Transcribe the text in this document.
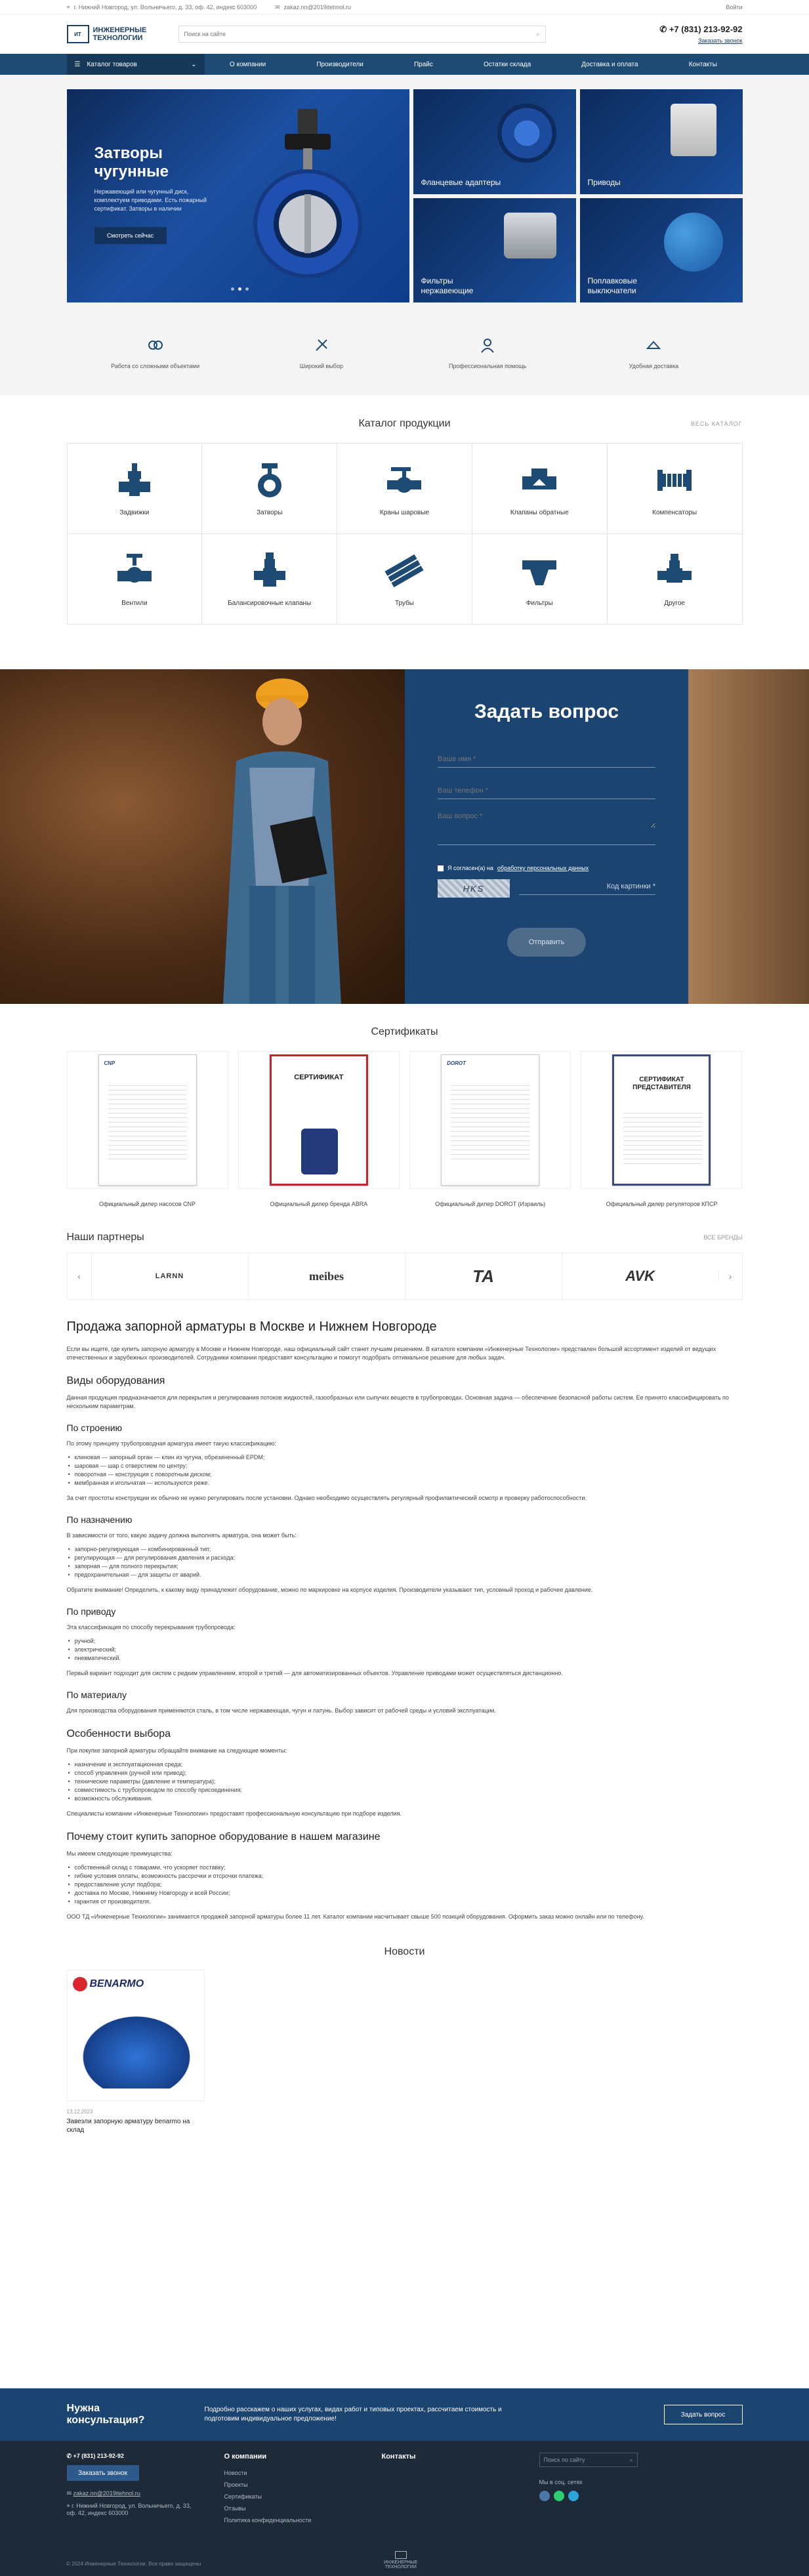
⌖ г. Нижний Новгород, ул. Вольничьего, д. 33, оф. 42, индекс 603000	✉ zakaz.nn@2019itehnol.ru	Войти
ИТ	ИНЖЕНЕРНЫЕ
ТЕХНОЛОГИИ
Поиск на сайте
⌕	✆ +7 (831) 213-92-92
Заказать звонок
☰ Каталог товаров	⌄	О компании	Производители	Прайс	Остатки склада	Доставка и оплата	Контакты
Затворы чугунные

Нержавеющий или чугунный диск, комплектуем приводами. Есть пожарный сертификат. Затворы в наличии

Смотреть сейчас
Фланцевые адаптеры	Приводы
Фильтры нержавеющие
Поплавковые выключатели
Работа со сложными объектами	Широкий выбор	Профессиональная помощь	Удобная доставка
Каталог продукции	ВЕСЬ КАТАЛОГ
Задвижки	Затворы	Краны шаровые	Клапаны обратные	Компенсаторы
Вентили	Балансировочные клапаны	Трубы	Фильтры	Другое
Задать вопрос
Ваше имя *
Ваш телефон *
Ваш вопрос *
Я согласен(а) на обработку персональных данных
HKS	Код картинки *
Отправить
Сертификаты
CNP
Официальный дилер насосов CNP
СЕРТИФИКАТ
Официальный дилер бренда ABRA
DOROT
Официальный дилер DOROT (Израиль)
СЕРТИФИКАТ ПРЕДСТАВИТЕЛЯ
Официальный дилер регуляторов КПСР
Наши партнеры	ВСЕ БРЕНДЫ
‹	LARNN	meibes	TA	AVK	›
Продажа запорной арматуры в Москве и Нижнем Новгороде

Если вы ищете, где купить запорную арматуру в Москве и Нижнем Новгороде, наш официальный сайт станет лучшим решением. В каталоге компании «Инженерные Технологии» представлен большой ассортимент изделий от ведущих отечественных и зарубежных производителей. Сотрудники компании предоставят консультацию и помогут подобрать оптимальное решение для любых задач.

Виды оборудования

Данная продукция предназначается для перекрытия и регулирования потоков жидкостей, газообразных или сыпучих веществ в трубопроводах. Основная задача — обеспечение безопасной работы систем. Ее принято классифицировать по нескольким параметрам.

По строению

По этому принципу трубопроводная арматура имеет такую классификацию:

• клиновая — запорный орган — клин из чугуна, обрезиненный EPDM;
• шаровая — шар с отверстием по центру;
• поворотная — конструкция с поворотным диском;
• мембранная и игольчатая — используются реже.

За счет простоты конструкции их обычно не нужно регулировать после установки. Однако необходимо осуществлять регулярный профилактический осмотр и проверку работоспособности.

По назначению

В зависимости от того, какую задачу должна выполнять арматура, она может быть:

• запорно-регулирующая — комбинированный тип;
• регулирующая — для регулирования давления и расхода;
• запорная — для полного перекрытия;
• предохранительная — для защиты от аварий.

Обратите внимание! Определить, к какому виду принадлежит оборудование, можно по маркировке на корпусе изделия. Производители указывают тип, условный проход и рабочее давление.

По приводу

Эта классификация по способу перекрывания трубопровода:

• ручной;
• электрический;
• пневматический.

Первый вариант подходит для систем с редким управлением, второй и третий — для автоматизированных объектов. Управление приводами может осуществляться дистанционно.

По материалу

Для производства оборудования применяются сталь, в том числе нержавеющая, чугун и латунь. Выбор зависит от рабочей среды и условий эксплуатации.

Особенности выбора

При покупке запорной арматуры обращайте внимание на следующие моменты:

• назначение и эксплуатационная среда;
• способ управления (ручной или привод);
• технические параметры (давление и температура);
• совместимость с трубопроводом по способу присоединения;
• возможность обслуживания.

Специалисты компании «Инженерные Технологии» предоставят профессиональную консультацию при подборе изделия.

Почему стоит купить запорное оборудование в нашем магазине

Мы имеем следующие преимущества:

• собственный склад с товарами, что ускоряет поставку;
• гибкие условия оплаты, возможность рассрочки и отсрочки платежа;
• предоставление услуг подбора;
• доставка по Москве, Нижнему Новгороду и всей России;
• гарантия от производителя.

ООО ТД «Инженерные Технологии» занимается продажей запорной арматуры более 11 лет. Каталог компании насчитывает свыше 500 позиций оборудования. Оформить заказ можно онлайн или по телефону.

Новости
BENARMO
13.12.2023
Завезли запорную арматуру benarmo на склад
Нужна консультация?

Подробно расскажем о наших услугах, видах работ и типовых проектах, рассчитаем стоимость и подготовим индивидуальное предложение!

Задать вопрос
✆ +7 (831) 213-92-92
Заказать звонок
✉ zakaz.nn@2019itehnol.ru
⌖ г. Нижний Новгород, ул. Вольничьего, д. 33, оф. 42, индекс 603000
О компании
Новости
Проекты
Сертификаты
Отзывы
Политика конфиденциальности
Контакты	Поиск по сайту	⌕
Мы в соц. сетях
© 2024 Инженерные Технологии. Все права защищены	ИНЖЕНЕРНЫЕ
ТЕХНОЛОГИИ
